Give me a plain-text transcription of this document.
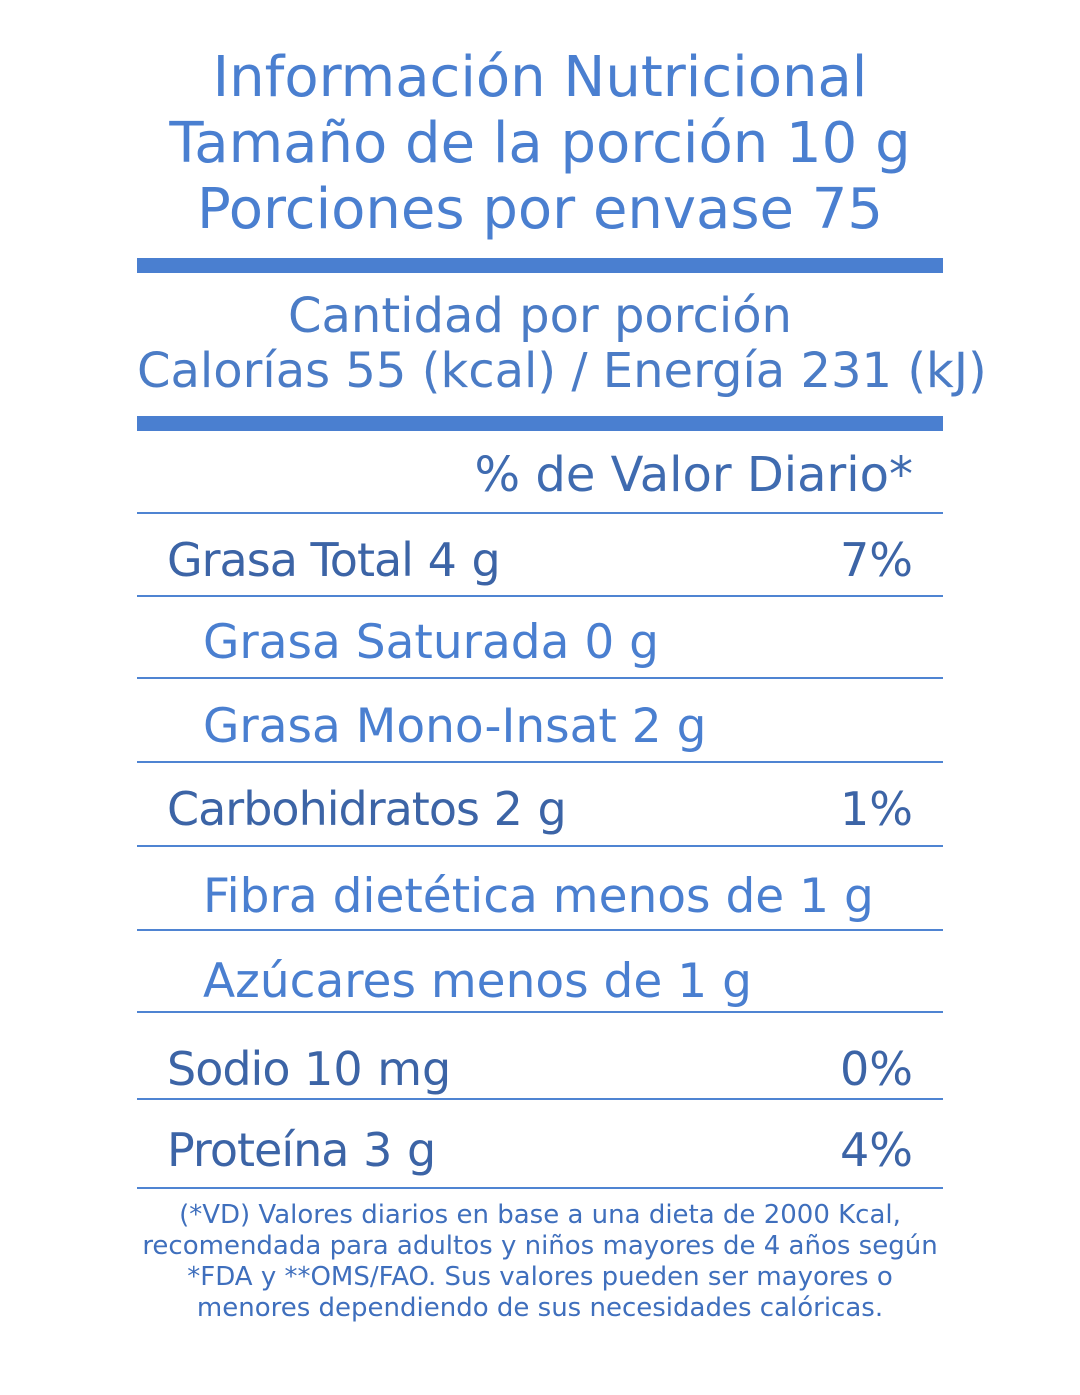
Información Nutricional
Tamaño de la porción 10 g
Porciones por envase 75
Cantidad por porción
Calorías 55 (kcal) / Energía 231 (kJ)
% de Valor Diario*
Grasa Total 4 g	7%
Grasa Saturada 0 g
Grasa Mono-Insat 2 g
Carbohidratos 2 g	1%
Fibra dietética menos de 1 g
Azúcares menos de 1 g
Sodio 10 mg	0%
Proteína 3 g	4%
(*VD) Valores diarios en base a una dieta de 2000 Kcal,
recomendada para adultos y niños mayores de 4 años según
*FDA y **OMS/FAO. Sus valores pueden ser mayores o
menores dependiendo de sus necesidades calóricas.
